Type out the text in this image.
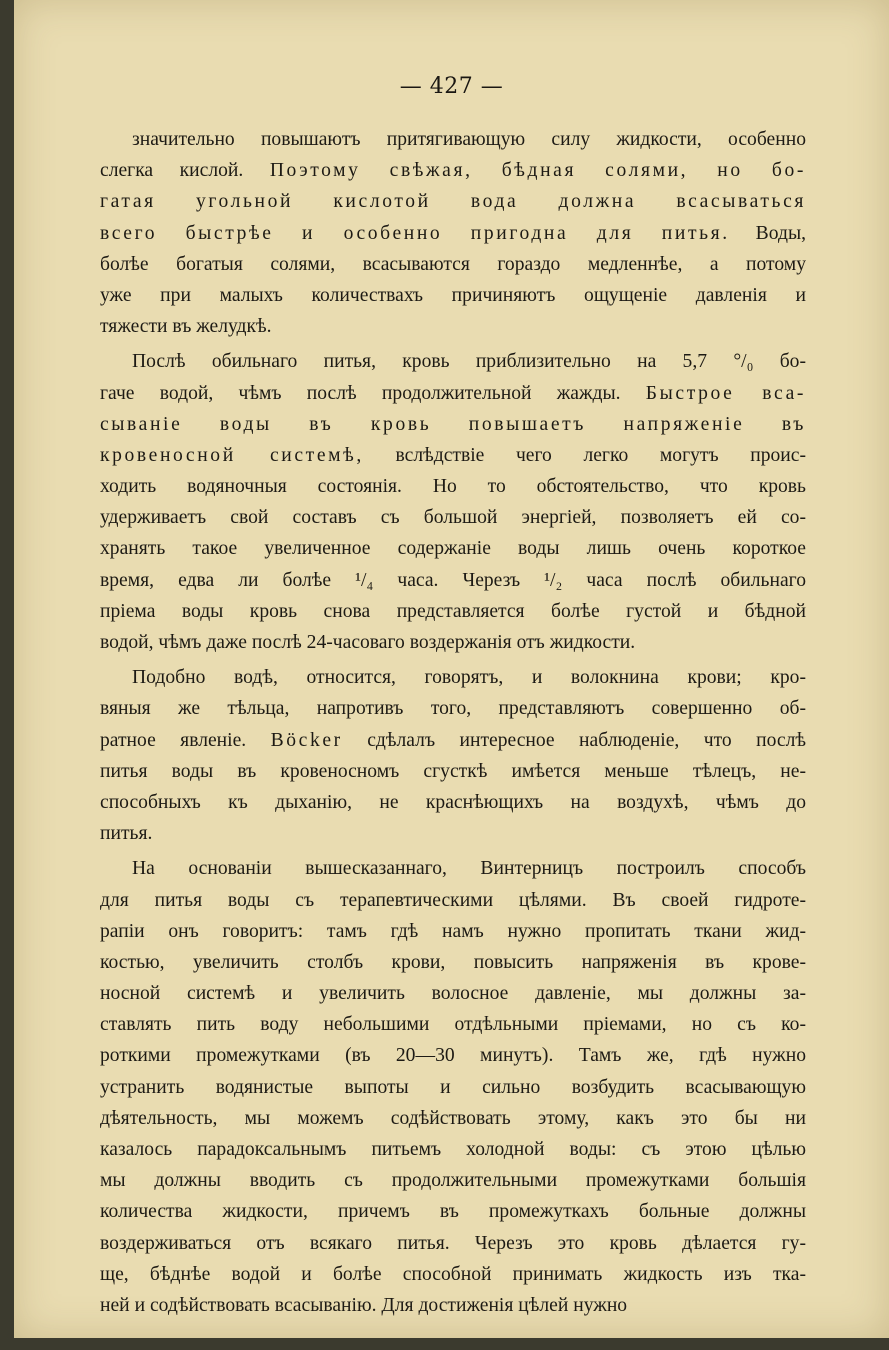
— 427 —
значительно повышаютъ притягивающую силу жидкости, особенно
слегка кислой. Поэтому свѣжая, бѣдная солями, но бо-
гатая угольной кислотой вода должна всасываться
всего быстрѣе и особенно пригодна для питья. Воды,
болѣе богатыя солями, всасываются гораздо медленнѣе, а потому
уже при малыхъ количествахъ причиняютъ ощущеніе давленія и
тяжести въ желудкѣ.
Послѣ обильнаго питья, кровь приблизительно на 5,7 °/₀ бо-
гаче водой, чѣмъ послѣ продолжительной жажды. Быстрое вса-
сываніе воды въ кровь повышаетъ напряженіе въ
кровеносной системѣ, вслѣдствіе чего легко могутъ проис-
ходить водяночныя состоянія. Но то обстоятельство, что кровь
удерживаетъ свой составъ съ большой энергіей, позволяетъ ей со-
хранять такое увеличенное содержаніе воды лишь очень короткое
время, едва ли болѣе ¹/₄ часа. Черезъ ¹/₂ часа послѣ обильнаго
пріема воды кровь снова представляется болѣе густой и бѣдной
водой, чѣмъ даже послѣ 24-часоваго воздержанія отъ жидкости.
Подобно водѣ, относится, говорятъ, и волокнина крови; кро-
вяныя же тѣльца, напротивъ того, представляютъ совершенно об-
ратное явленіе. Böcker сдѣлалъ интересное наблюденіе, что послѣ
питья воды въ кровеносномъ сгусткѣ имѣется меньше тѣлецъ, не-
способныхъ къ дыханію, не краснѣющихъ на воздухѣ, чѣмъ до
питья.
На основаніи вышесказаннаго, Винтерницъ построилъ способъ
для питья воды съ терапевтическими цѣлями. Въ своей гидроте-
рапіи онъ говоритъ: тамъ гдѣ намъ нужно пропитать ткани жид-
костью, увеличить столбъ крови, повысить напряженія въ крове-
носной системѣ и увеличить волосное давленіе, мы должны за-
ставлять пить воду небольшими отдѣльными пріемами, но съ ко-
роткими промежутками (въ 20—30 минутъ). Тамъ же, гдѣ нужно
устранить водянистые выпоты и сильно возбудить всасывающую
дѣятельность, мы можемъ содѣйствовать этому, какъ это бы ни
казалось парадоксальнымъ питьемъ холодной воды: съ этою цѣлью
мы должны вводить съ продолжительными промежутками большія
количества жидкости, причемъ въ промежуткахъ больные должны
воздерживаться отъ всякаго питья. Черезъ это кровь дѣлается гу-
ще, бѣднѣе водой и болѣе способной принимать жидкость изъ тка-
ней и содѣйствовать всасыванію. Для достиженія цѣлей нужно
